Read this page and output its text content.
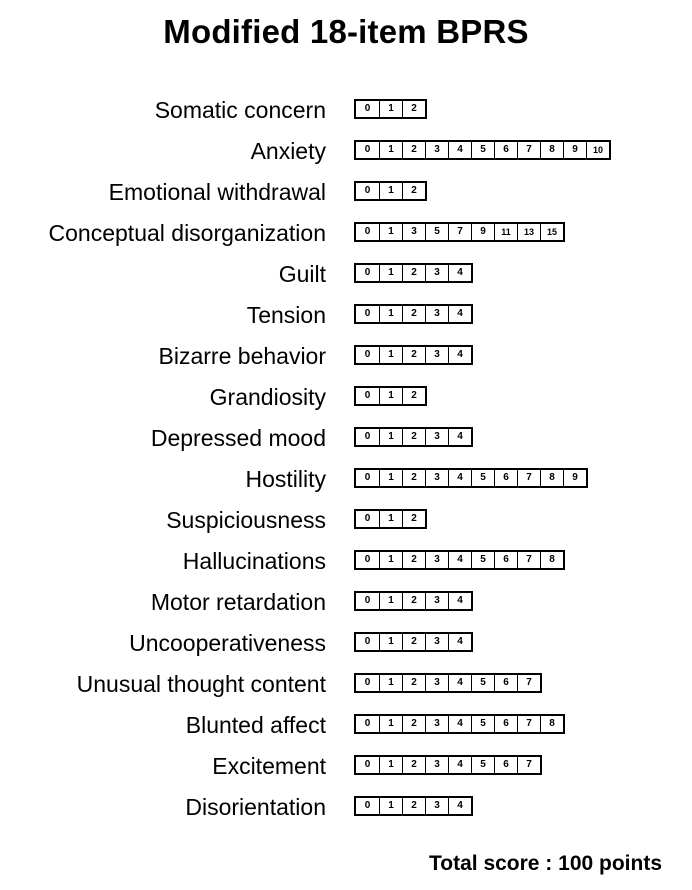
Modified 18-item BPRS
Somatic concern	0	1	2
Anxiety	0	1	2	3	4	5	6	7	8	9	10
Emotional withdrawal	0	1	2
Conceptual disorganization	0	1	3	5	7	9	11	13	15
Guilt	0	1	2	3	4
Tension	0	1	2	3	4
Bizarre behavior	0	1	2	3	4
Grandiosity	0	1	2
Depressed mood	0	1	2	3	4
Hostility	0	1	2	3	4	5	6	7	8	9
Suspiciousness	0	1	2
Hallucinations	0	1	2	3	4	5	6	7	8
Motor retardation	0	1	2	3	4
Uncooperativeness	0	1	2	3	4
Unusual thought content	0	1	2	3	4	5	6	7
Blunted affect	0	1	2	3	4	5	6	7	8
Excitement	0	1	2	3	4	5	6	7
Disorientation	0	1	2	3	4
Total score : 100 points
